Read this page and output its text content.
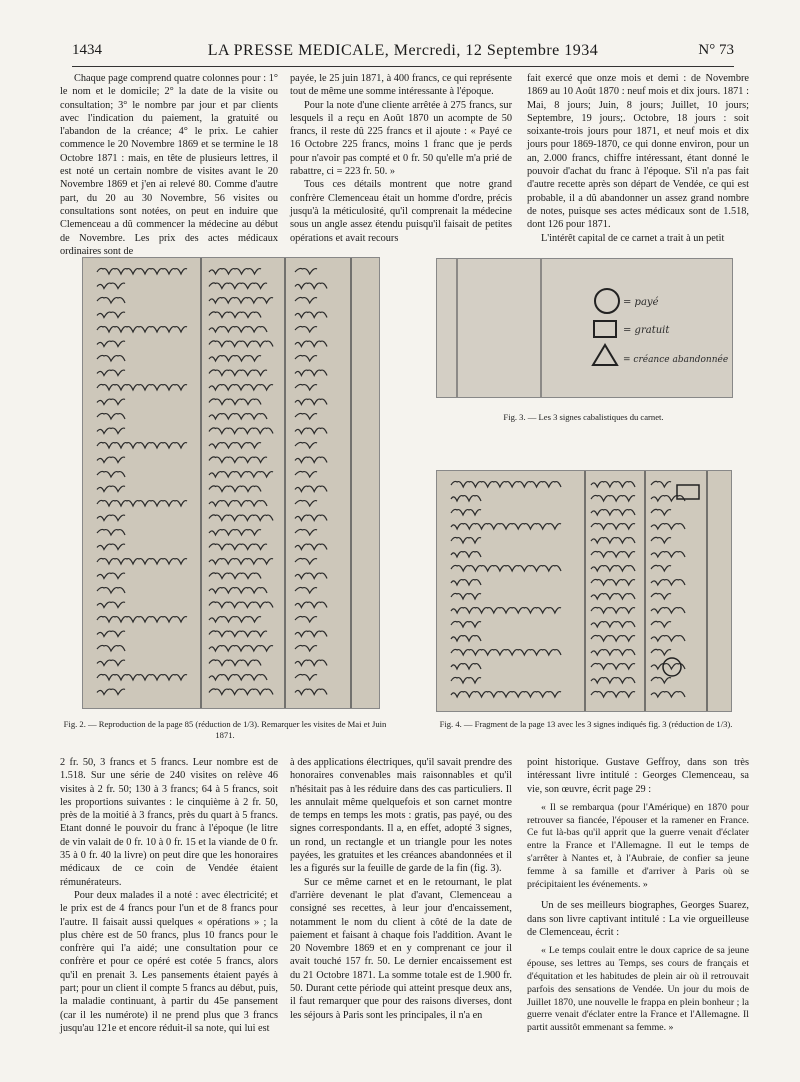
1434	LA PRESSE MEDICALE, Mercredi, 12 Septembre 1934	N° 73

Chaque page comprend quatre colonnes pour : 1° le nom et le domicile; 2° la date de la visite ou consultation; 3° le nombre par jour et par clients avec l'indication du paiement, la gratuité ou l'abandon de la créance; 4° le prix. Le cahier commence le 20 Novembre 1869 et se termine le 18 Octobre 1871 : mais, en tête de plusieurs lettres, il est noté un certain nombre de visites avant le 20 Novembre 1869 et j'en ai relevé 80. Comme d'autre part, du 20 au 30 Novembre, 56 visites ou consultations sont notées, on peut en induire que Clemenceau a dû commencer la médecine au début de Novembre. Les prix des actes médicaux ordinaires sont de

payée, le 25 juin 1871, à 400 francs, ce qui représente tout de même une somme intéressante à l'époque.

Pour la note d'une cliente arrêtée à 275 francs, sur lesquels il a reçu en Août 1870 un acompte de 50 francs, il reste dû 225 francs et il ajoute : « Payé ce 16 Octobre 225 francs, moins 1 franc que je perds pour n'avoir pas compté et 0 fr. 50 qu'elle m'a prié de rabattre, ci = 223 fr. 50. »

Tous ces détails montrent que notre grand confrère Clemenceau était un homme d'ordre, précis jusqu'à la méticulosité, qu'il comprenait la médecine sous un angle assez étendu puisqu'il faisait de petites opérations et avait recours

fait exercé que onze mois et demi : de Novembre 1869 au 10 Août 1870 : neuf mois et dix jours. 1871 : Mai, 8 jours; Juin, 8 jours; Juillet, 10 jours; Septembre, 19 jours;. Octobre, 18 jours : soit soixante-trois jours pour 1871, et neuf mois et dix jours pour 1869-1870, ce qui donne environ, pour un an, 2.000 francs, chiffre intéressant, étant donné le pouvoir d'achat du franc à l'époque. S'il n'a pas fait d'autre recette après son départ de Vendée, ce qui est probable, il a dû abandonner un assez grand nombre de notes, puisque ses actes médicaux sont de 1.518, dont 126 pour 1871.

L'intérêt capital de ce carnet a trait à un petit

Fig. 2. — Reproduction de la page 85 (réduction de 1/3). Remarquer les visites de Mai et Juin 1871.
= payé
= gratuit
= créance abandonnée
Fig. 3. — Les 3 signes cabalistiques du carnet.
Fig. 4. — Fragment de la page 13 avec les 3 signes indiqués fig. 3 (réduction de 1/3).

2 fr. 50, 3 francs et 5 francs. Leur nombre est de 1.518. Sur une série de 240 visites on relève 46 visites à 2 fr. 50; 130 à 3 francs; 64 à 5 francs, soit les proportions suivantes : le cinquième à 2 fr. 50, près de la moitié à 3 francs, près du quart à 5 francs. Etant donné le pouvoir du franc à l'époque (le litre de vin valait de 0 fr. 10 à 0 fr. 15 et la viande de 0 fr. 35 à 0 fr. 40 la livre) on peut dire que les honoraires médicaux de ce coin de Vendée étaient rémunérateurs.

Pour deux malades il a noté : avec électricité; et le prix est de 4 francs pour l'un et de 8 francs pour l'autre. Il faisait aussi quelques « opérations » ; la plus chère est de 50 francs, plus 10 francs pour le confrère qui l'a aidé; une consultation pour ce confrère et pour ce opéré est cotée 5 francs, alors qu'il en prenait 3. Les pansements étaient payés à part; pour un client il compte 5 francs au début, puis, la maladie continuant, à partir du 45e pansement (car il les numérote) il ne prend plus que 3 francs jusqu'au 121e et encore réduit-il sa note, qui lui est

à des applications électriques, qu'il savait prendre des honoraires convenables mais raisonnables et qu'il n'hésitait pas à les réduire dans des cas particuliers. Il les annulait même quelquefois et son carnet montre de temps en temps les mots : gratis, pas payé, ou des signes correspondants. Il a, en effet, adopté 3 signes, un rond, un rectangle et un triangle pour les notes payées, les gratuites et les créances abandonnées et il les a figurés sur la feuille de garde de la fin (fig. 3).

Sur ce même carnet et en le retournant, le plat d'arrière devenant le plat d'avant, Clemenceau a consigné ses recettes, à leur jour d'encaissement, notamment le nom du client à côté de la date de paiement et faisant à chaque fois l'addition. Avant le 20 Novembre 1869 et en y comprenant ce jour il avait touché 157 fr. 50. Le dernier encaissement est du 21 Octobre 1871. La somme totale est de 1.900 fr. 50. Durant cette période qui atteint presque deux ans, il faut remarquer que pour des raisons diverses, dont les séjours à Paris sont les principales, il n'a en

point historique. Gustave Geffroy, dans son très intéressant livre intitulé : Georges Clemenceau, sa vie, son œuvre, écrit page 29 :

« Il se rembarqua (pour l'Amérique) en 1870 pour retrouver sa fiancée, l'épouser et la ramener en France. Ce fut là-bas qu'il apprit que la guerre venait d'éclater entre la France et l'Allemagne. Il eut le temps de s'arrêter à Nantes et, à l'Aubraie, de confier sa jeune femme à sa famille et d'arriver à Paris où se précipitaient les événements. »

Un de ses meilleurs biographes, Georges Suarez, dans son livre captivant intitulé : La vie orgueilleuse de Clemenceau, écrit :

« Le temps coulait entre le doux caprice de sa jeune épouse, ses lettres au Temps, ses cours de français et d'équitation et les habitudes de plein air où il retrouvait parfois des sensations de Vendée. Un jour du mois de Juillet 1870, une nouvelle le frappa en plein bonheur ; la guerre venait d'éclater entre la France et l'Allemagne. Il partit aussitôt emmenant sa femme. »
